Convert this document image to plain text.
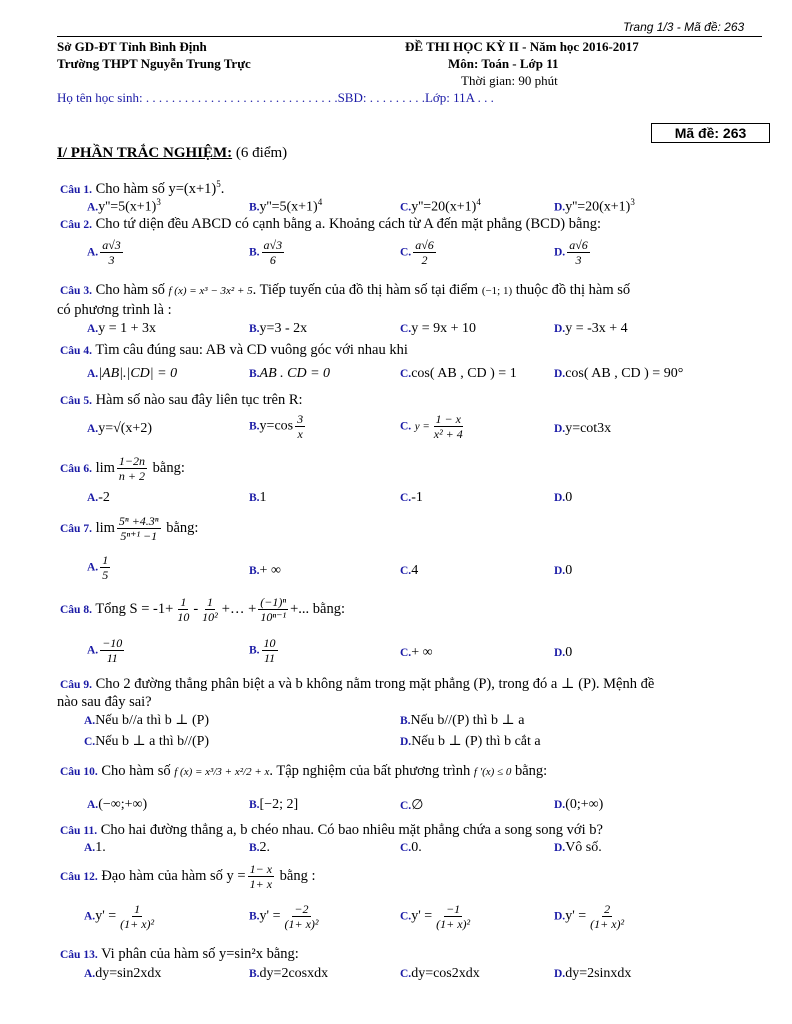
Trang 1/3 - Mã đề: 263
Sở GD-ĐT Tỉnh Bình Định
Trường THPT Nguyễn Trung Trực
ĐỀ THI HỌC KỲ II - Năm học 2016-2017
Môn: Toán - Lớp 11
Thời gian: 90 phút
Họ tên học sinh: . . . . . . . . . . . . . . . . . . . . . . . . . . . . . .SBD: . . . . . . . . .Lớp: 11A . . .
Mã đề: 263
I/ PHẦN TRẮC NGHIỆM: (6 điểm)
Câu 1. Cho hàm số $y=(x+1)^5$.
$A.y''=5(x+1)^3$	$B.y''=5(x+1)^4$	$C.y''=20(x+1)^4$	$D.y''=20(x+1)^3$
Câu 2. Cho tứ diện đều ABCD có cạnh bằng a. Khoảng cách từ A đến mặt phẳng (BCD) bằng:
A. $\frac{a√3}{3}$	B. $\frac{a√3}{6}$	C. $\frac{a√6}{2}$	D. $\frac{a√6}{3}$
Câu 3. Cho hàm số f (x) = x³ − 3x² + 5. Tiếp tuyến của đồ thị hàm số tại điểm (−1; 1) thuộc đồ thị hàm số
có phương trình là :
A.y = 1 + 3x	B.y=3 - 2x	C.y = 9x + 10	D.y = -3x + 4
Câu 4. Tìm câu đúng sau: AB và CD vuông góc với nhau khi
A.|AB|.|CD| = 0	B.AB . CD = 0	C.cos( AB , CD ) = 1	D.cos( AB , CD ) = 90°
Câu 5. Hàm số nào sau đây liên tục trên R:
A.y=√(x+2)	$B.y=\cos \frac{3}{x}$	C. $y = \frac{1 - x}{\text{x² + 4}}$	D.y=cot3x
Câu 6. $\lim \frac{1-2n}{n + 2}$ bằng:
A.-2	B.1	C.-1	D.0
Câu 7. $\lim \frac{\text{5ⁿ +4.3ⁿ}}{\text{5ⁿ⁺¹ −1}}$ bằng:
A. $\frac{1}{5}$	B.+ ∞	C.4	D.0
Câu 8. Tổng $S = -1+ \frac{1}{10} - \frac{1}{\text{10²}}$ +… + $\frac{\text{(−1)ⁿ}}{\text{10ⁿ⁻¹}}$ +... bằng:
A. $\frac{-10}{11}$	B. $\frac{10}{11}$	C.+ ∞	D.0
Câu 9. Cho 2 đường thẳng phân biệt a và b không nằm trong mặt phẳng (P), trong đó a ⊥ (P). Mệnh đề
nào sau đây sai?
A.Nếu b//a thì b ⊥ (P)	B.Nếu b//(P) thì b ⊥ a
C.Nếu b ⊥ a thì b//(P)	D.Nếu b ⊥ (P) thì b cắt a
Câu 10. Cho hàm số f (x) = x³/3 + x²/2 + x. Tập nghiệm của bất phương trình f ′(x) ≤ 0 bằng:
A.(−∞;+∞)	B.[−2; 2]	C.∅	D.(0;+∞)
Câu 11. Cho hai đường thẳng a, b chéo nhau. Có bao nhiêu mặt phẳng chứa a song song với b?
A.1.	B.2.	C.0.	D.Vô số.
Câu 12. Đạo hàm của hàm số $y = \frac{1- x}{1+ x}$ bằng :
$A.y' = \frac{1}{\text{(1+ x)²}}$	$B.y' = \frac{-2}{\text{(1+ x)²}}$	$C.y' = \frac{-1}{\text{(1+ x)²}}$	$D.y' = \frac{2}{\text{(1+ x)²}}$
Câu 13. Vi phân của hàm số y=sin²x bằng:
A.dy=sin2xdx	B.dy=2cosxdx	C.dy=cos2xdx	D.dy=2sinxdx
